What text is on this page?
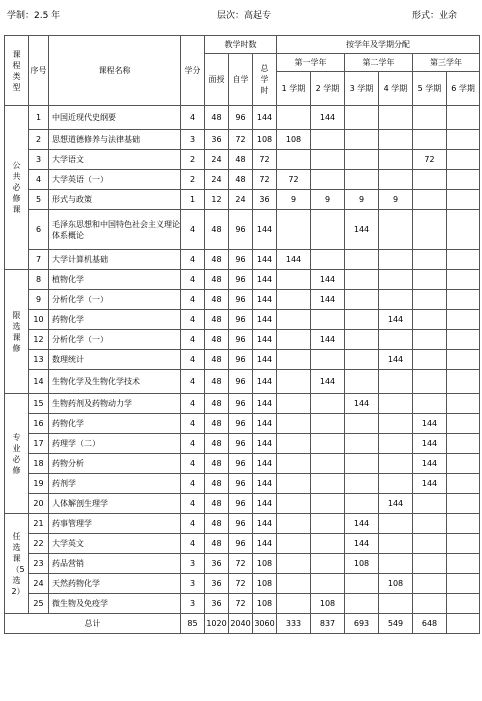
学制：2.5 年	层次：高起专	形式：业余
课程类型	序号	课程名称	学分	教学时数			按学年及学期分配					
				面授	自学	总学时	第一学年		第二学年		第三学年	
							1 学期	2 学期	3 学期	4 学期	5 学期	6 学期
公共必修课	1	中国近现代史纲要	4	48	96	144		144				
	2	思想道德修养与法律基础	3	36	72	108	108					
	3	大学语文	2	24	48	72					72	
	4	大学英语（一）	2	24	48	72	72					
	5	形式与政策	1	12	24	36	9	9	9	9		
	6	毛泽东思想和中国特色社会主义理论体系概论	4	48	96	144			144			
	7	大学计算机基础	4	48	96	144	144					
限选课修	8	植物化学	4	48	96	144		144				
	9	分析化学（一）	4	48	96	144		144				
	10	药物化学	4	48	96	144				144		
	12	分析化学（一）	4	48	96	144		144				
	13	数理统计	4	48	96	144				144		
	14	生物化学及生物化学技术	4	48	96	144		144				
专业必修	15	生物药剂及药物动力学	4	48	96	144			144			
	16	药物化学	4	48	96	144					144	
	17	药理学（二）	4	48	96	144					144	
	18	药物分析	4	48	96	144					144	
	19	药剂学	4	48	96	144					144	
	20	人体解剖生理学	4	48	96	144				144		
任选课（5选2）	21	药事管理学	4	48	96	144			144			
	22	大学英文	4	48	96	144			144			
	23	药品营销	3	36	72	108			108			
	24	天然药物化学	3	36	72	108				108		
	25	微生物及免疫学	3	36	72	108		108				
总计			85	1020	2040	3060	333	837	693	549	648	
